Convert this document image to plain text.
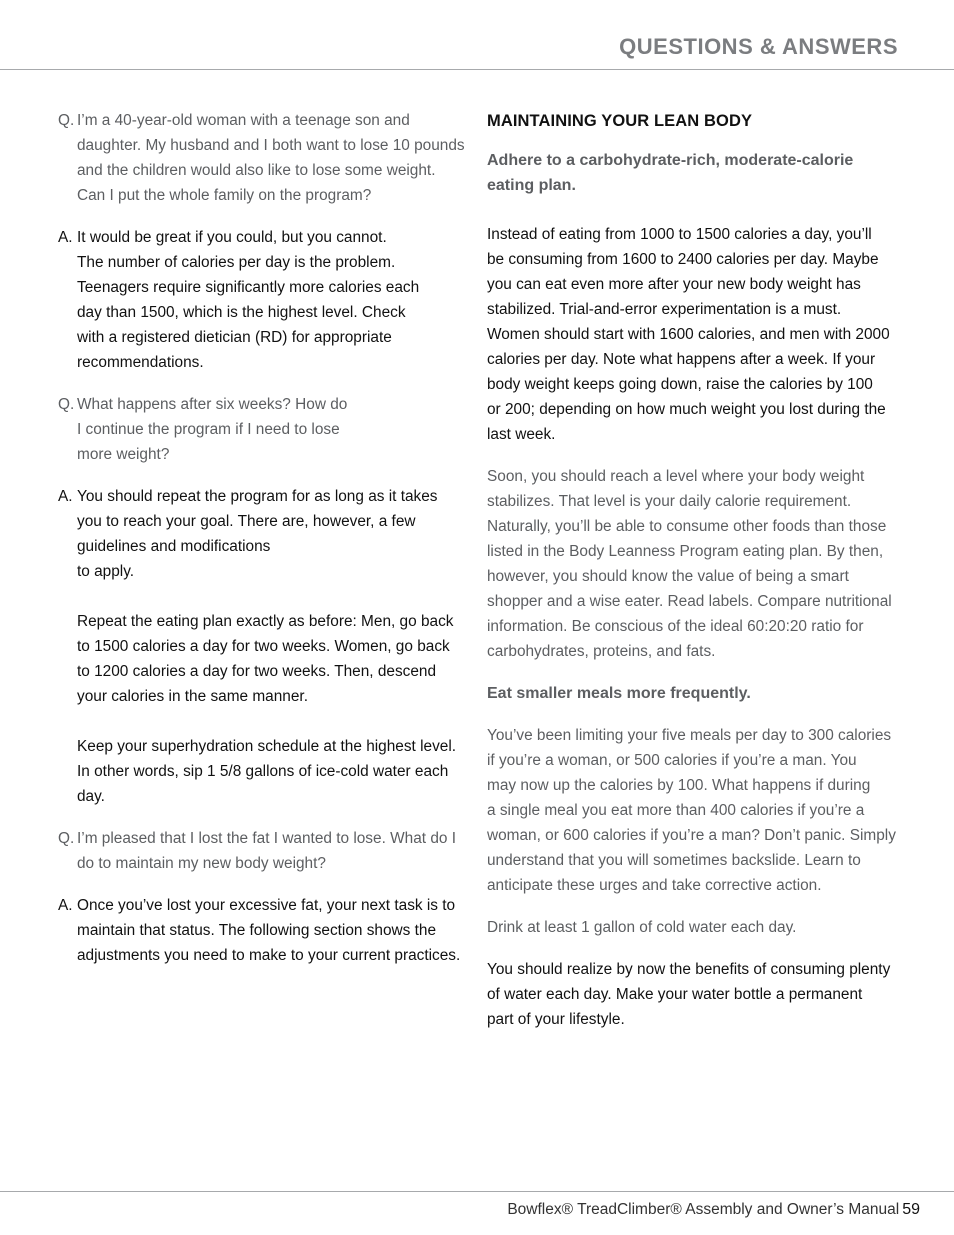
QUESTIONS & ANSWERS
Q. I’m a 40-year-old woman with a teenage son and
daughter. My husband and I both want to lose 10 pounds
and the children would also like to lose some weight.
Can I put the whole family on the program?

A. It would be great if you could, but you cannot.
The number of calories per day is the problem.
Teenagers require significantly more calories each
day than 1500, which is the highest level. Check
with a registered dietician (RD) for appropriate
recommendations.

Q. What happens after six weeks? How do
I continue the program if I need to lose
more weight?

A. You should repeat the program for as long as it takes
you to reach your goal. There are, however, a few
guidelines and modifications
to apply.

Repeat the eating plan exactly as before: Men, go back
to 1500 calories a day for two weeks. Women, go back
to 1200 calories a day for two weeks. Then, descend
your calories in the same manner.

Keep your superhydration schedule at the highest level.
In other words, sip 1 5/8 gallons of ice-cold water each
day.

Q. I’m pleased that I lost the fat I wanted to lose. What do I
do to maintain my new body weight?

A. Once you’ve lost your excessive fat, your next task is to
maintain that status. The following section shows the
adjustments you need to make to your current practices.

MAINTAINING YOUR LEAN BODY

Adhere to a carbohydrate-rich, moderate-calorie eating plan.

Instead of eating from 1000 to 1500 calories a day, you’ll
be consuming from 1600 to 2400 calories per day. Maybe
you can eat even more after your new body weight has
stabilized. Trial-and-error experimentation is a must.
Women should start with 1600 calories, and men with 2000
calories per day. Note what happens after a week. If your
body weight keeps going down, raise the calories by 100
or 200; depending on how much weight you lost during the
last week.

Soon, you should reach a level where your body weight
stabilizes. That level is your daily calorie requirement.
Naturally, you’ll be able to consume other foods than those
listed in the Body Leanness Program eating plan. By then,
however, you should know the value of being a smart
shopper and a wise eater. Read labels. Compare nutritional
information. Be conscious of the ideal 60:20:20 ratio for
carbohydrates, proteins, and fats.

Eat smaller meals more frequently.

You’ve been limiting your five meals per day to 300 calories
if you’re a woman, or 500 calories if you’re a man. You
may now up the calories by 100. What happens if during
a single meal you eat more than 400 calories if you’re a
woman, or 600 calories if you’re a man? Don’t panic. Simply
understand that you will sometimes backslide. Learn to
anticipate these urges and take corrective action.

Drink at least 1 gallon of cold water each day.

You should realize by now the benefits of consuming plenty
of water each day. Make your water bottle a permanent
part of your lifestyle.

Bowflex® TreadClimber® Assembly and Owner’s Manual 59
